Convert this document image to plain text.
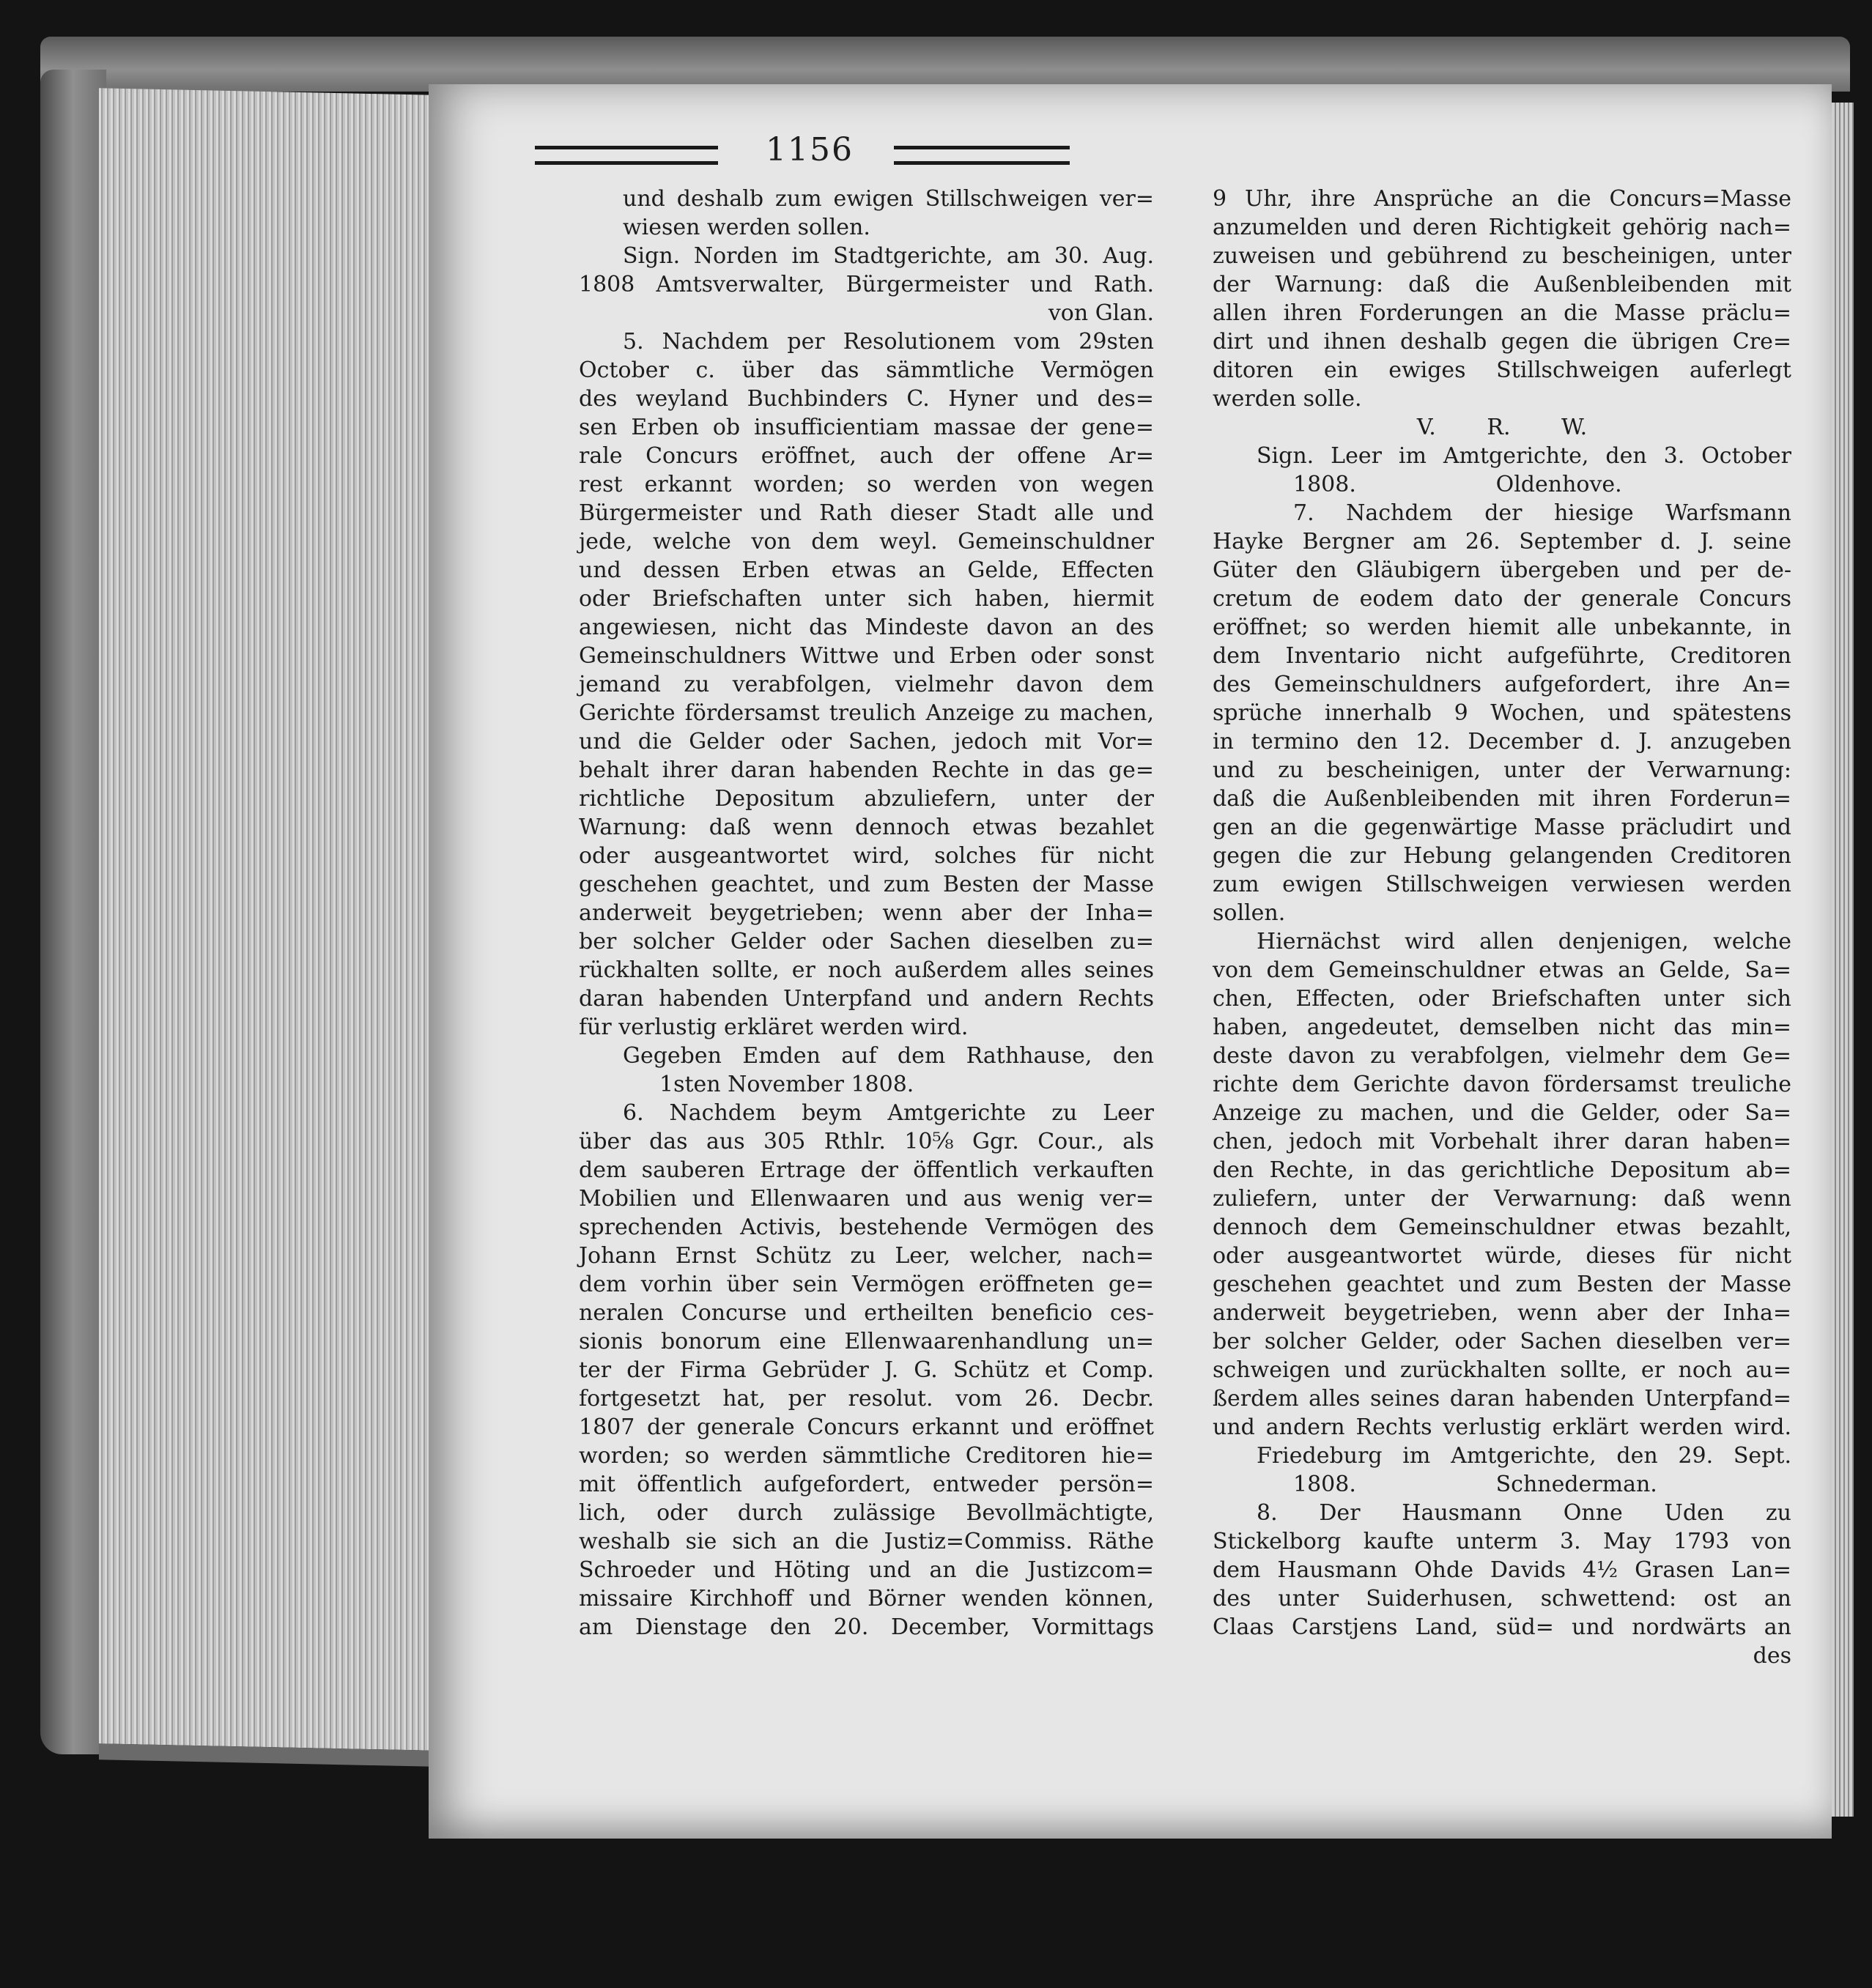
1156
und deshalb zum ewigen Stillschweigen ver=
wiesen werden sollen.
Sign. Norden im Stadtgerichte, am 30. Aug.
1808 Amtsverwalter, Bürgermeister und Rath.
von Glan.
5. Nachdem per Resolutionem vom 29sten
October c. über das sämmtliche Vermögen
des weyland Buchbinders C. Hyner und des=
sen Erben ob insufficientiam massae der gene=
rale Concurs eröffnet, auch der offene Ar=
rest erkannt worden; so werden von wegen
Bürgermeister und Rath dieser Stadt alle und
jede, welche von dem weyl. Gemeinschuldner
und dessen Erben etwas an Gelde, Effecten
oder Briefschaften unter sich haben, hiermit
angewiesen, nicht das Mindeste davon an des
Gemeinschuldners Wittwe und Erben oder sonst
jemand zu verabfolgen, vielmehr davon dem
Gerichte fördersamst treulich Anzeige zu machen,
und die Gelder oder Sachen, jedoch mit Vor=
behalt ihrer daran habenden Rechte in das ge=
richtliche Depositum abzuliefern, unter der
Warnung: daß wenn dennoch etwas bezahlet
oder ausgeantwortet wird, solches für nicht
geschehen geachtet, und zum Besten der Masse
anderweit beygetrieben; wenn aber der Inha=
ber solcher Gelder oder Sachen dieselben zu=
rückhalten sollte, er noch außerdem alles seines
daran habenden Unterpfand und andern Rechts
für verlustig erkläret werden wird.
Gegeben Emden auf dem Rathhause, den
1sten November 1808.
6. Nachdem beym Amtgerichte zu Leer
über das aus 305 Rthlr. 10⁵⁄₈ Ggr. Cour., als
dem sauberen Ertrage der öffentlich verkauften
Mobilien und Ellenwaaren und aus wenig ver=
sprechenden Activis, bestehende Vermögen des
Johann Ernst Schütz zu Leer, welcher, nach=
dem vorhin über sein Vermögen eröffneten ge=
neralen Concurse und ertheilten beneficio ces-
sionis bonorum eine Ellenwaarenhandlung un=
ter der Firma Gebrüder J. G. Schütz et Comp.
fortgesetzt hat, per resolut. vom 26. Decbr.
1807 der generale Concurs erkannt und eröffnet
worden; so werden sämmtliche Creditoren hie=
mit öffentlich aufgefordert, entweder persön=
lich, oder durch zulässige Bevollmächtigte,
weshalb sie sich an die Justiz=Commiss. Räthe
Schroeder und Höting und an die Justizcom=
missaire Kirchhoff und Börner wenden können,
am Dienstage den 20. December, Vormittags
9 Uhr, ihre Ansprüche an die Concurs=Masse
anzumelden und deren Richtigkeit gehörig nach=
zuweisen und gebührend zu bescheinigen, unter
der Warnung: daß die Außenbleibenden mit
allen ihren Forderungen an die Masse präclu=
dirt und ihnen deshalb gegen die übrigen Cre=
ditoren ein ewiges Stillschweigen auferlegt
werden solle.
V. R. W.
Sign. Leer im Amtgerichte, den 3. October
1808.                    Oldenhove.
7. Nachdem der hiesige Warfsmann
Hayke Bergner am 26. September d. J. seine
Güter den Gläubigern übergeben und per de-
cretum de eodem dato der generale Concurs
eröffnet; so werden hiemit alle unbekannte, in
dem Inventario nicht aufgeführte, Creditoren
des Gemeinschuldners aufgefordert, ihre An=
sprüche innerhalb 9 Wochen, und spätestens
in termino den 12. December d. J. anzugeben
und zu bescheinigen, unter der Verwarnung:
daß die Außenbleibenden mit ihren Forderun=
gen an die gegenwärtige Masse präcludirt und
gegen die zur Hebung gelangenden Creditoren
zum ewigen Stillschweigen verwiesen werden
sollen.
Hiernächst wird allen denjenigen, welche
von dem Gemeinschuldner etwas an Gelde, Sa=
chen, Effecten, oder Briefschaften unter sich
haben, angedeutet, demselben nicht das min=
deste davon zu verabfolgen, vielmehr dem Ge=
richte dem Gerichte davon fördersamst treuliche
Anzeige zu machen, und die Gelder, oder Sa=
chen, jedoch mit Vorbehalt ihrer daran haben=
den Rechte, in das gerichtliche Depositum ab=
zuliefern, unter der Verwarnung: daß wenn
dennoch dem Gemeinschuldner etwas bezahlt,
oder ausgeantwortet würde, dieses für nicht
geschehen geachtet und zum Besten der Masse
anderweit beygetrieben, wenn aber der Inha=
ber solcher Gelder, oder Sachen dieselben ver=
schweigen und zurückhalten sollte, er noch au=
ßerdem alles seines daran habenden Unterpfand=
und andern Rechts verlustig erklärt werden wird.
Friedeburg im Amtgerichte, den 29. Sept.
1808.                    Schnederman.
8. Der Hausmann Onne Uden zu
Stickelborg kaufte unterm 3. May 1793 von
dem Hausmann Ohde Davids 4½ Grasen Lan=
des unter Suiderhusen, schwettend: ost an
Claas Carstjens Land, süd= und nordwärts an
des
